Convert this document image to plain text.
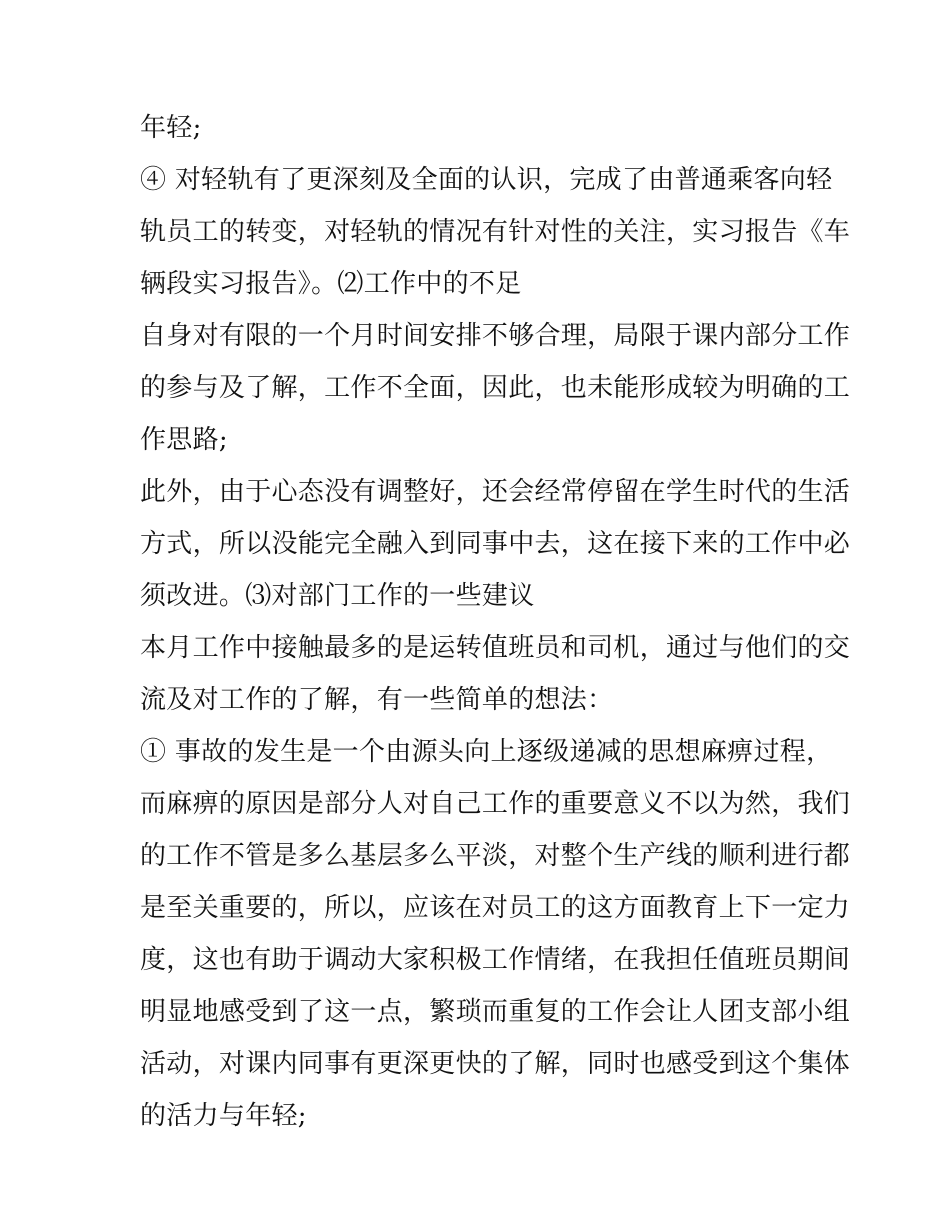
年轻;
④ 对轻轨有了更深刻及全面的认识，完成了由普通乘客向轻
轨员工的转变，对轻轨的情况有针对性的关注，实习报告《车
辆段实习报告》。⑵工作中的不足
自身对有限的一个月时间安排不够合理，局限于课内部分工作
的参与及了解，工作不全面，因此，也未能形成较为明确的工
作思路;
此外，由于心态没有调整好，还会经常停留在学生时代的生活
方式，所以没能完全融入到同事中去，这在接下来的工作中必
须改进。⑶对部门工作的一些建议
本月工作中接触最多的是运转值班员和司机，通过与他们的交
流及对工作的了解，有一些简单的想法：
① 事故的发生是一个由源头向上逐级递减的思想麻痹过程，
而麻痹的原因是部分人对自己工作的重要意义不以为然，我们
的工作不管是多么基层多么平淡，对整个生产线的顺利进行都
是至关重要的，所以，应该在对员工的这方面教育上下一定力
度，这也有助于调动大家积极工作情绪，在我担任值班员期间
明显地感受到了这一点，繁琐而重复的工作会让人团支部小组
活动，对课内同事有更深更快的了解，同时也感受到这个集体
的活力与年轻;
